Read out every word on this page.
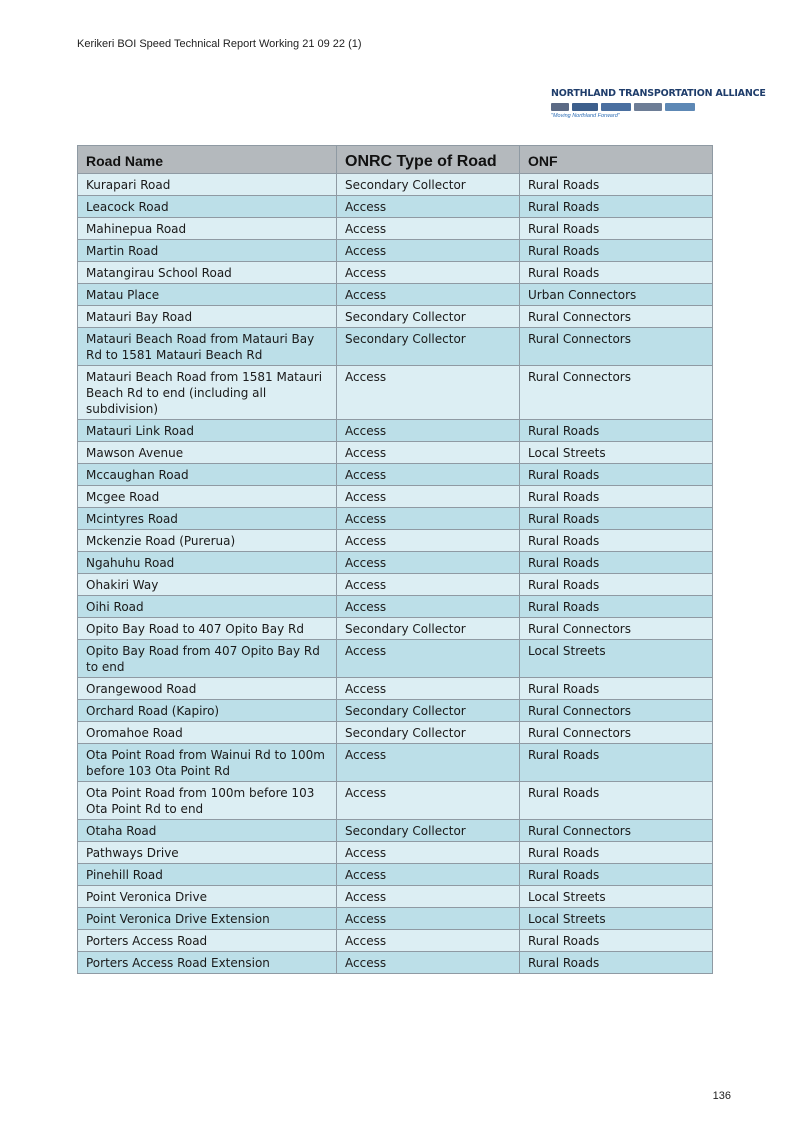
Kerikeri BOI Speed Technical Report Working 21 09 22 (1)
NORTHLAND TRANSPORTATION ALLIANCE
"Moving Northland Forward"
Road Name	ONRC Type of Road	ONF
Kurapari Road	Secondary Collector	Rural Roads
Leacock Road	Access	Rural Roads
Mahinepua Road	Access	Rural Roads
Martin Road	Access	Rural Roads
Matangirau School Road	Access	Rural Roads
Matau Place	Access	Urban Connectors
Matauri Bay Road	Secondary Collector	Rural Connectors
Matauri Beach Road from Matauri Bay Rd to 1581 Matauri Beach Rd	Secondary Collector	Rural Connectors
Matauri Beach Road from 1581 Matauri Beach Rd to end (including all subdivision)	Access	Rural Connectors
Matauri Link Road	Access	Rural Roads
Mawson Avenue	Access	Local Streets
Mccaughan Road	Access	Rural Roads
Mcgee Road	Access	Rural Roads
Mcintyres Road	Access	Rural Roads
Mckenzie Road (Purerua)	Access	Rural Roads
Ngahuhu Road	Access	Rural Roads
Ohakiri Way	Access	Rural Roads
Oihi Road	Access	Rural Roads
Opito Bay Road to 407 Opito Bay Rd	Secondary Collector	Rural Connectors
Opito Bay Road from 407 Opito Bay Rd to end	Access	Local Streets
Orangewood Road	Access	Rural Roads
Orchard Road (Kapiro)	Secondary Collector	Rural Connectors
Oromahoe Road	Secondary Collector	Rural Connectors
Ota Point Road from Wainui Rd to 100m before 103 Ota Point Rd	Access	Rural Roads
Ota Point Road from 100m before 103 Ota Point Rd to end	Access	Rural Roads
Otaha Road	Secondary Collector	Rural Connectors
Pathways Drive	Access	Rural Roads
Pinehill Road	Access	Rural Roads
Point Veronica Drive	Access	Local Streets
Point Veronica Drive Extension	Access	Local Streets
Porters Access Road	Access	Rural Roads
Porters Access Road Extension	Access	Rural Roads
136
